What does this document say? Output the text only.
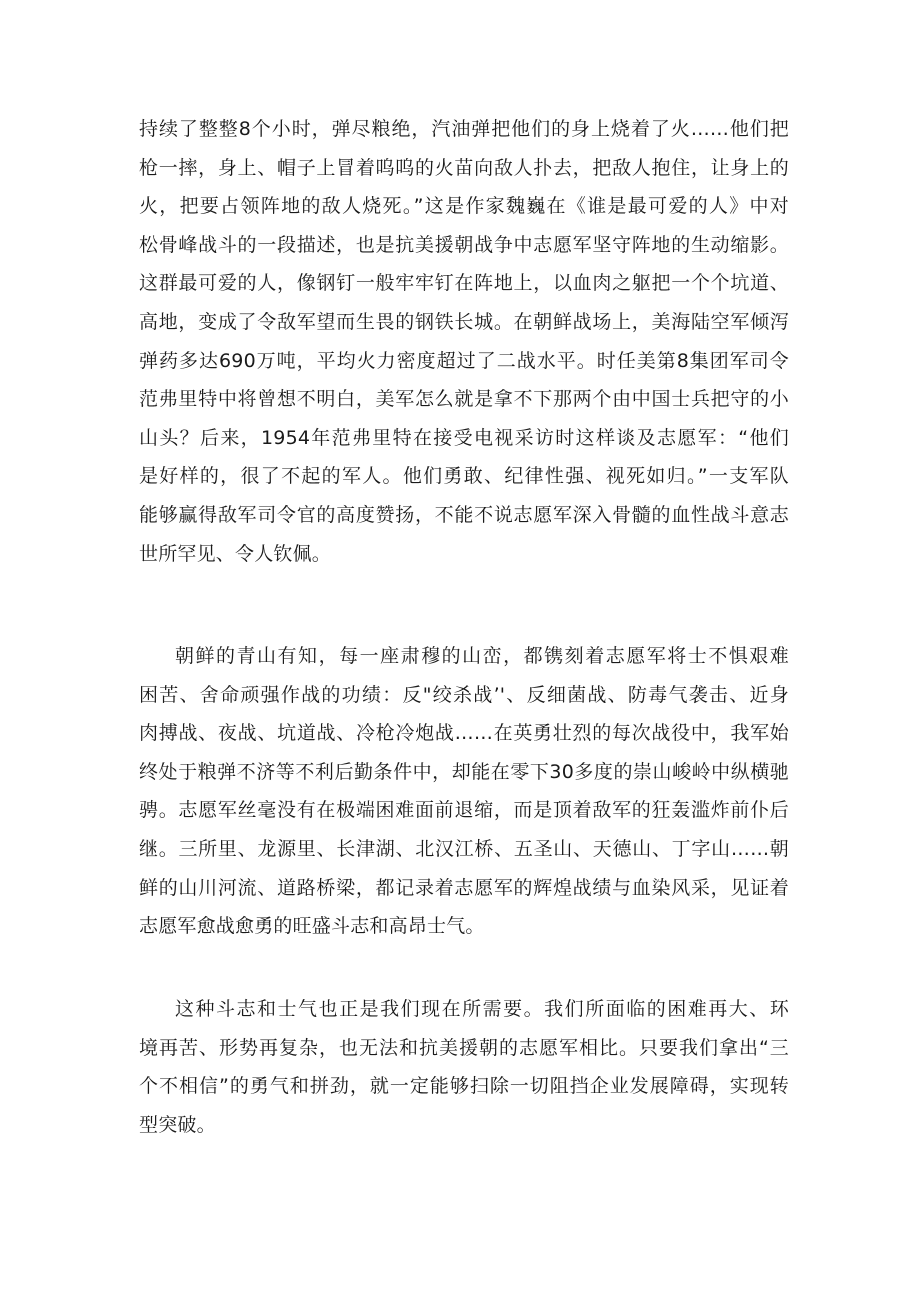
持续了整整8个小时，弹尽粮绝，汽油弹把他们的身上烧着了火……他们把
枪一摔，身上、帽子上冒着呜呜的火苗向敌人扑去，把敌人抱住，让身上的
火，把要占领阵地的敌人烧死。”这是作家魏巍在《谁是最可爱的人》中对
松骨峰战斗的一段描述，也是抗美援朝战争中志愿军坚守阵地的生动缩影。
这群最可爱的人，像钢钉一般牢牢钉在阵地上，以血肉之躯把一个个坑道、
高地，变成了令敌军望而生畏的钢铁长城。在朝鲜战场上，美海陆空军倾泻
弹药多达690万吨，平均火力密度超过了二战水平。时任美第8集团军司令
范弗里特中将曾想不明白，美军怎么就是拿不下那两个由中国士兵把守的小
山头？后来，1954年范弗里特在接受电视采访时这样谈及志愿军：“他们
是好样的，很了不起的军人。他们勇敢、纪律性强、视死如归。”一支军队
能够赢得敌军司令官的高度赞扬，不能不说志愿军深入骨髓的血性战斗意志
世所罕见、令人钦佩。
朝鲜的青山有知，每一座肃穆的山峦，都镌刻着志愿军将士不惧艰难
困苦、舍命顽强作战的功绩：反"绞杀战’'、反细菌战、防毒气袭击、近身
肉搏战、夜战、坑道战、冷枪冷炮战……在英勇壮烈的每次战役中，我军始
终处于粮弹不济等不利后勤条件中，却能在零下30多度的崇山峻岭中纵横驰
骋。志愿军丝毫没有在极端困难面前退缩，而是顶着敌军的狂轰滥炸前仆后
继。三所里、龙源里、长津湖、北汉江桥、五圣山、天德山、丁字山……朝
鲜的山川河流、道路桥梁，都记录着志愿军的辉煌战绩与血染风采，见证着
志愿军愈战愈勇的旺盛斗志和高昂士气。
这种斗志和士气也正是我们现在所需要。我们所面临的困难再大、环
境再苦、形势再复杂，也无法和抗美援朝的志愿军相比。只要我们拿出“三
个不相信”的勇气和拼劲，就一定能够扫除一切阻挡企业发展障碍，实现转
型突破。
